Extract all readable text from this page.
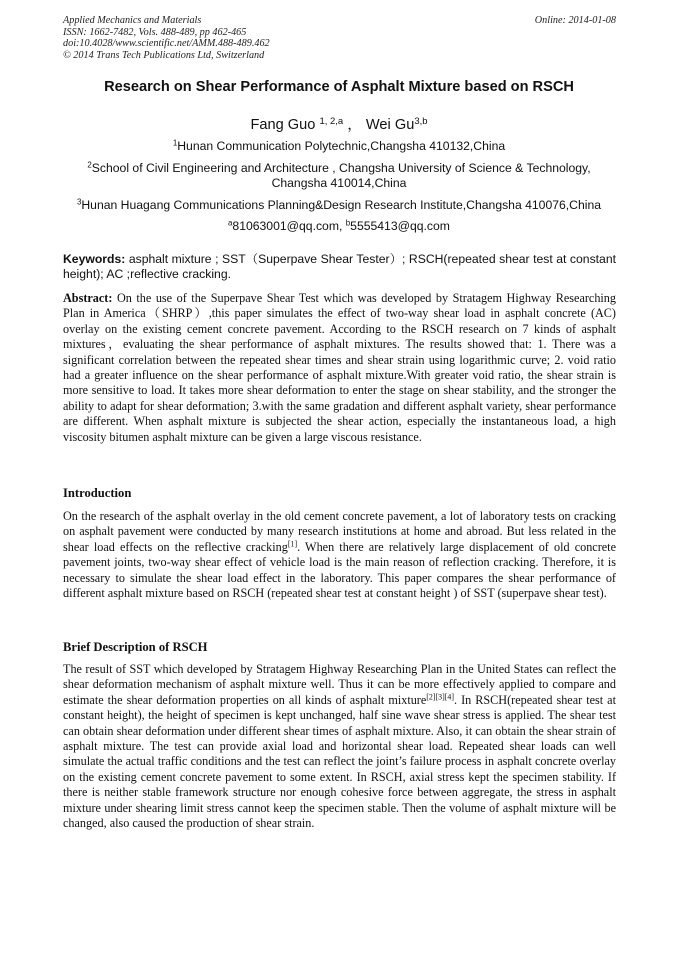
Applied Mechanics and Materials
ISSN: 1662-7482, Vols. 488-489, pp 462-465
doi:10.4028/www.scientific.net/AMM.488-489.462
© 2014 Trans Tech Publications Ltd, Switzerland
Online: 2014-01-08
Research on Shear Performance of Asphalt Mixture based on RSCH
Fang Guo $^{1, 2,a}$ ， Wei Gu$^{3,b}$
$^1$Hunan Communication Polytechnic,Changsha 410132,China
$^2$School of Civil Engineering and Architecture , Changsha University of Science & Technology, Changsha 410014,China
$^3$Hunan Huagang Communications Planning&Design Research Institute,Changsha 410076,China
$^a$81063001@qq.com, $^b$5555413@qq.com
Keywords: asphalt mixture ; SST（Superpave Shear Tester）; RSCH(repeated shear test at constant height); AC ;reflective cracking.
Abstract: On the use of the Superpave Shear Test which was developed by Stratagem Highway Researching Plan in America（SHRP）,this paper simulates the effect of two-way shear load in asphalt concrete (AC) overlay on the existing cement concrete pavement. According to the RSCH research on 7 kinds of asphalt mixtures，evaluating the shear performance of asphalt mixtures. The results showed that: 1. There was a significant correlation between the repeated shear times and shear strain using logarithmic curve; 2. void ratio had a greater influence on the shear performance of asphalt mixture.With greater void ratio, the shear strain is more sensitive to load. It takes more shear deformation to enter the stage on shear stability, and the stronger the ability to adapt for shear deformation; 3.with the same gradation and different asphalt variety, shear performance are different. When asphalt mixture is subjected the shear action, especially the instantaneous load, a high viscosity bitumen asphalt mixture can be given a large viscous resistance.
Introduction
On the research of the asphalt overlay in the old cement concrete pavement, a lot of laboratory tests on cracking on asphalt pavement were conducted by many research institutions at home and abroad. But less related in the shear load effects on the reflective cracking[1]. When there are relatively large displacement of old concrete pavement joints, two-way shear effect of vehicle load is the main reason of reflection cracking. Therefore, it is necessary to simulate the shear load effect in the laboratory. This paper compares the shear performance of different asphalt mixture based on RSCH (repeated shear test at constant height ) of SST (superpave shear test).
Brief Description of RSCH
The result of SST which developed by Stratagem Highway Researching Plan in the United States can reflect the shear deformation mechanism of asphalt mixture well. Thus it can be more effectively applied to compare and estimate the shear deformation properties on all kinds of asphalt mixture[2][3][4]. In RSCH(repeated shear test at constant height), the height of specimen is kept unchanged, half sine wave shear stress is applied. The shear test can obtain shear deformation under different shear times of asphalt mixture. Also, it can obtain the shear strain of asphalt mixture. The test can provide axial load and horizontal shear load. Repeated shear loads can well simulate the actual traffic conditions and the test can reflect the joint’s failure process in asphalt concrete overlay on the existing cement concrete pavement to some extent. In RSCH, axial stress kept the specimen stability. If there is neither stable framework structure nor enough cohesive force between aggregate, the stress in asphalt mixture under shearing limit stress cannot keep the specimen stable. Then the volume of asphalt mixture will be changed, also caused the production of shear strain.
